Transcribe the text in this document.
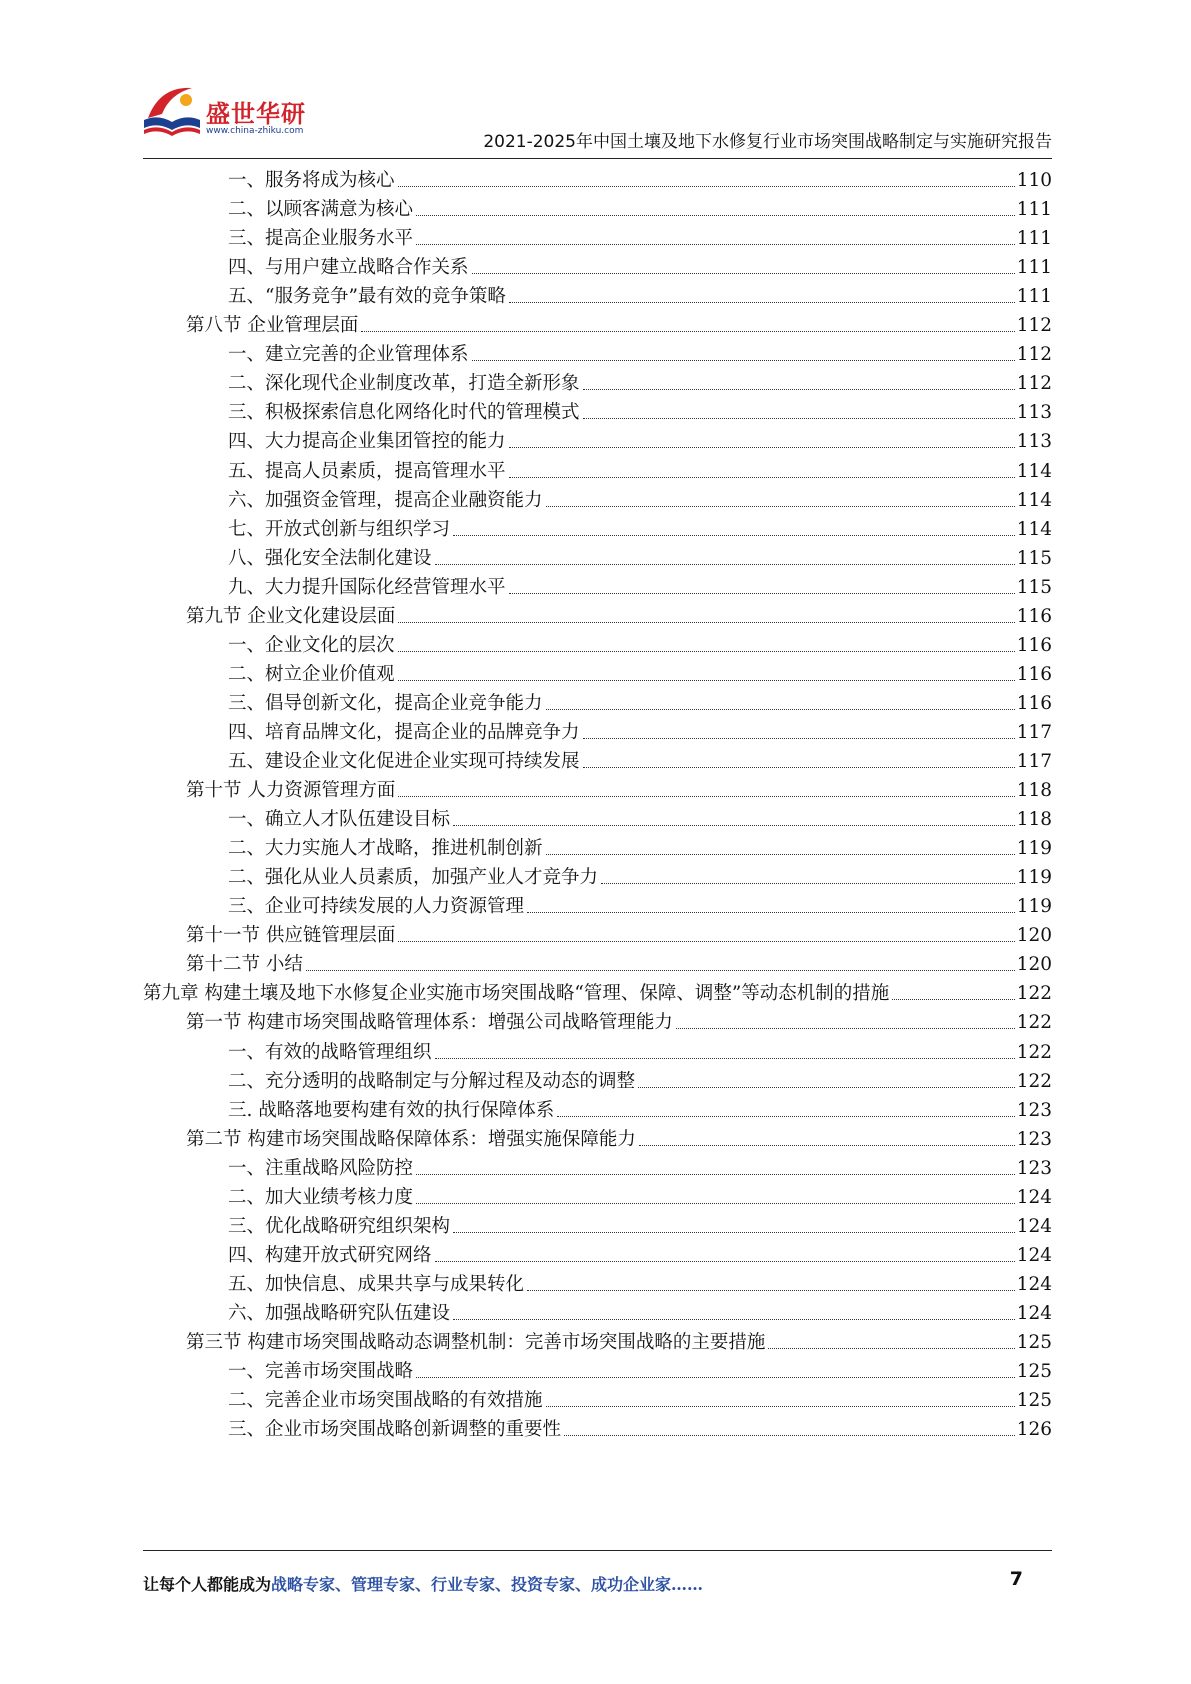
盛世华研
www.china-zhiku.com
2021-2025年中国土壤及地下水修复行业市场突围战略制定与实施研究报告
一、服务将成为核心	110
二、以顾客满意为核心	111
三、提高企业服务水平	111
四、与用户建立战略合作关系	111
五、“服务竞争”最有效的竞争策略	111
第八节 企业管理层面	112
一、建立完善的企业管理体系	112
二、深化现代企业制度改革，打造全新形象	112
三、积极探索信息化网络化时代的管理模式	113
四、大力提高企业集团管控的能力	113
五、提高人员素质，提高管理水平	114
六、加强资金管理，提高企业融资能力	114
七、开放式创新与组织学习	114
八、强化安全法制化建设	115
九、大力提升国际化经营管理水平	115
第九节 企业文化建设层面	116
一、企业文化的层次	116
二、树立企业价值观	116
三、倡导创新文化，提高企业竞争能力	116
四、培育品牌文化，提高企业的品牌竞争力	117
五、建设企业文化促进企业实现可持续发展	117
第十节 人力资源管理方面	118
一、确立人才队伍建设目标	118
二、大力实施人才战略，推进机制创新	119
二、强化从业人员素质，加强产业人才竞争力	119
三、企业可持续发展的人力资源管理	119
第十一节 供应链管理层面	120
第十二节 小结	120
第九章 构建土壤及地下水修复企业实施市场突围战略“管理、保障、调整”等动态机制的措施	122
第一节 构建市场突围战略管理体系：增强公司战略管理能力	122
一、有效的战略管理组织	122
二、充分透明的战略制定与分解过程及动态的调整	122
三. 战略落地要构建有效的执行保障体系	123
第二节 构建市场突围战略保障体系：增强实施保障能力	123
一、注重战略风险防控	123
二、加大业绩考核力度	124
三、优化战略研究组织架构	124
四、构建开放式研究网络	124
五、加快信息、成果共享与成果转化	124
六、加强战略研究队伍建设	124
第三节 构建市场突围战略动态调整机制：完善市场突围战略的主要措施	125
一、完善市场突围战略	125
二、完善企业市场突围战略的有效措施	125
三、企业市场突围战略创新调整的重要性	126
让每个人都能成为战略专家、管理专家、行业专家、投资专家、成功企业家……	7
